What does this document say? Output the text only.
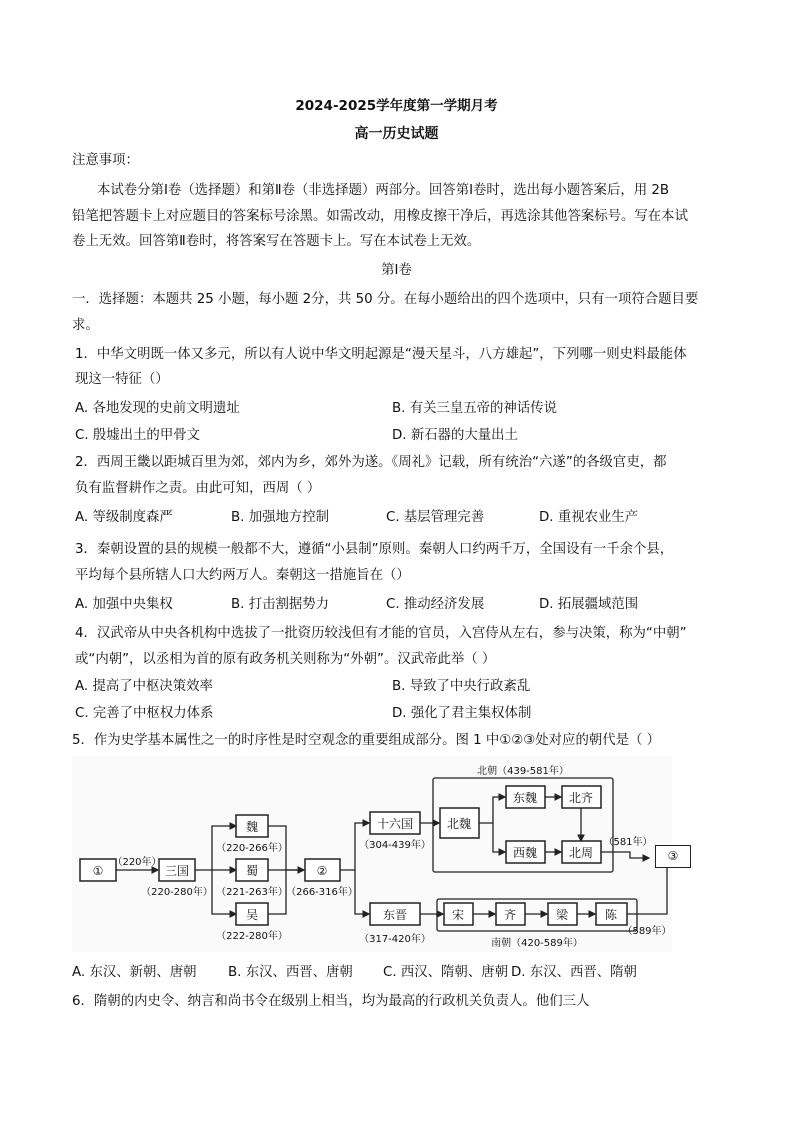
2024-2025学年度第一学期月考
高一历史试题
注意事项：
本试卷分第Ⅰ卷（选择题）和第Ⅱ卷（非选择题）两部分。回答第Ⅰ卷时，选出每小题答案后，用 2B
铅笔把答题卡上对应题目的答案标号涂黑。如需改动，用橡皮擦干净后，再选涂其他答案标号。写在本试
卷上无效。回答第Ⅱ卷时，将答案写在答题卡上。写在本试卷上无效。
第Ⅰ卷
一．选择题：本题共 25 小题，每小题 2分，共 50 分。在每小题给出的四个选项中，只有一项符合题目要
求。
1．中华文明既一体又多元，所以有人说中华文明起源是“漫天星斗，八方雄起”，下列哪一则史料最能体
现这一特征（）
A. 各地发现的史前文明遗址	B. 有关三皇五帝的神话传说
C. 殷墟出土的甲骨文	D. 新石器的大量出土
2．西周王畿以距城百里为郊，郊内为乡，郊外为遂。《周礼》记载，所有统治“六遂”的各级官吏，都
负有监督耕作之责。由此可知，西周（ ）
A. 等级制度森严	B. 加强地方控制	C. 基层管理完善	D. 重视农业生产
3．秦朝设置的县的规模一般都不大，遵循“小县制”原则。秦朝人口约两千万，全国设有一千余个县，
平均每个县所辖人口大约两万人。秦朝这一措施旨在（）
A. 加强中央集权	B. 打击割据势力	C. 推动经济发展	D. 拓展疆域范围
4．汉武帝从中央各机构中选拔了一批资历较浅但有才能的官员，入宫侍从左右，参与决策，称为“中朝”
或“内朝”，以丞相为首的原有政务机关则称为“外朝”。汉武帝此举（ ）
A. 提高了中枢决策效率	B. 导致了中央行政紊乱
C. 完善了中枢权力体系	D. 强化了君主集权体制
5．作为史学基本属性之一的时序性是时空观念的重要组成部分。图 1 中①②③处对应的朝代是（ ）
①
（220年）
三国
（220-280年）
魏
（220-266年）
蜀
（221-263年）
吴
（222-280年）
②
（266-316年）
十六国
（304-439年）
北魏
北朝（439-581年）
东魏	北齐
西魏	北周
（581年）
东晋
（317-420年）
宋	齐	梁	陈
南朝（420-589年）
（589年）
③
A. 东汉、新朝、唐朝 B. 东汉、西晋、唐朝 C. 西汉、隋朝、唐朝 D. 东汉、西晋、隋朝
6．隋朝的内史令、纳言和尚书令在级别上相当，均为最高的行政机关负责人。他们三人
